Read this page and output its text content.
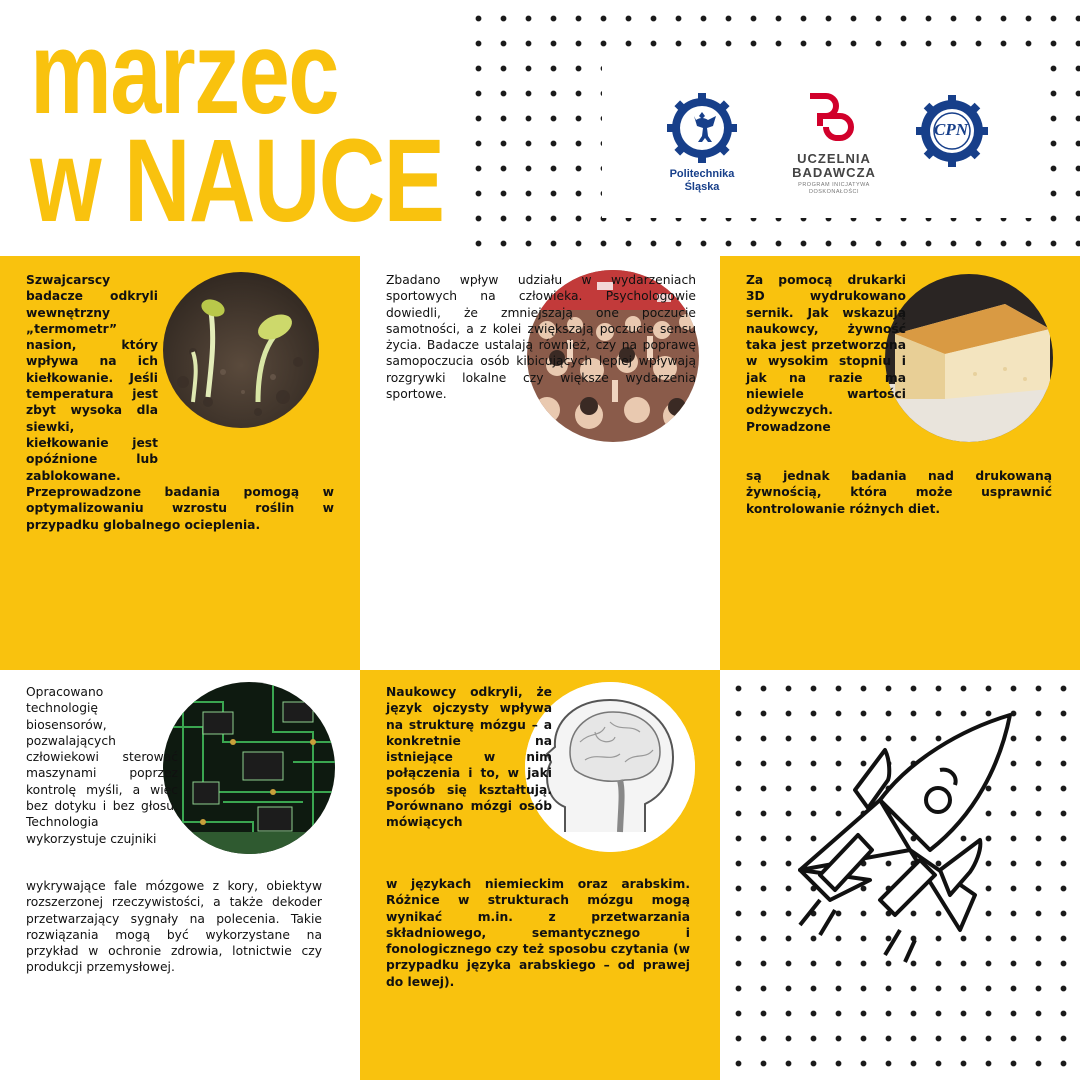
marzec
w NAUCE	Politechnika
Śląska
UCZELNIA
BADAWCZA
PROGRAM INICJATYWA DOSKONAŁOŚCI
CPN

Szwajcarscy badacze odkryli wewnętrzny „termometr” nasion, który wpływa na ich kiełkowanie. Jeśli temperatura jest zbyt wysoka dla siewki, kiełkowanie jest opóźnione lub zablokowane.

Przeprowadzone badania pomogą w optymalizowaniu wzrostu roślin w przypadku globalnego ocieplenia.

Zbadano wpływ udziału w wydarzeniach sportowych na człowieka. Psychologowie dowiedli, że zmniejszają one poczucie samotności, a z kolei zwiększają poczucie sensu życia. Badacze ustalają również, czy na poprawę samopoczucia osób kibicujących lepiej wpływają rozgrywki lokalne czy większe wydarzenia sportowe.

Za pomocą drukarki 3D wydrukowano sernik. Jak wskazują naukowcy, żywność taka jest przetworzona w wysokim stopniu i jak na razie ma niewiele wartości odżywczych. Prowadzone

są jednak badania nad drukowaną żywnością, która może usprawnić kontrolowanie różnych diet.

Opracowano technologię biosensorów, pozwalających człowiekowi sterować maszynami poprzez kontrolę myśli, a więc bez dotyku i bez głosu. Technologia wykorzystuje czujniki

wykrywające fale mózgowe z kory, obiektyw rozszerzonej rzeczywistości, a także dekoder przetwarzający sygnały na polecenia. Takie rozwiązania mogą być wykorzystane na przykład w ochronie zdrowia, lotnictwie czy produkcji przemysłowej.

Naukowcy odkryli, że język ojczysty wpływa na strukturę mózgu – a konkretnie na istniejące w nim połączenia i to, w jaki sposób się kształtują. Porównano mózgi osób mówiących

w językach niemieckim oraz arabskim. Różnice w strukturach mózgu mogą wynikać m.in. z przetwarzania składniowego, semantycznego i fonologicznego czy też sposobu czytania (w przypadku języka arabskiego – od prawej do lewej).
